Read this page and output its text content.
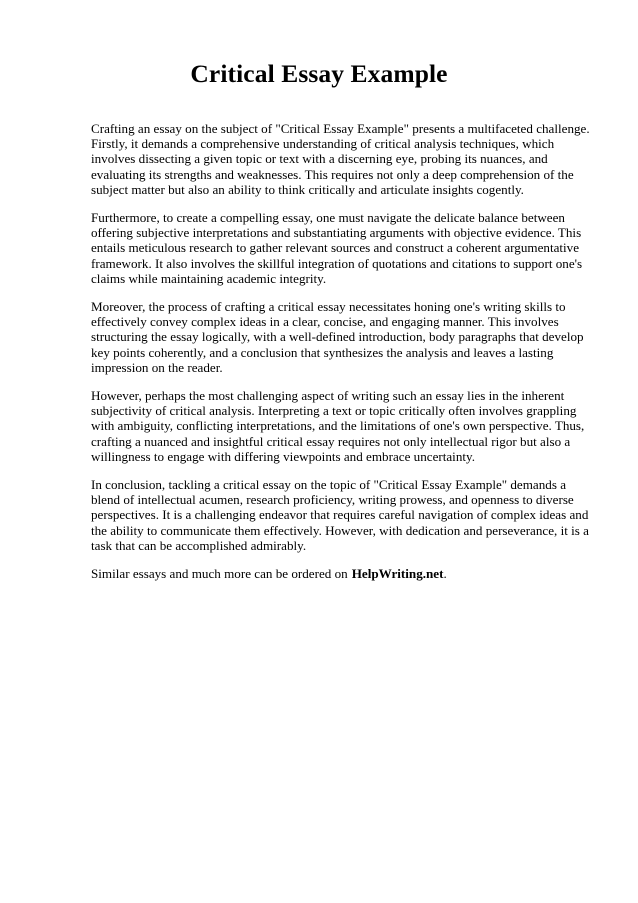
Critical Essay Example

Crafting an essay on the subject of "Critical Essay Example" presents a multifaceted challenge. Firstly, it demands a comprehensive understanding of critical analysis techniques, which involves dissecting a given topic or text with a discerning eye, probing its nuances, and evaluating its strengths and weaknesses. This requires not only a deep comprehension of the subject matter but also an ability to think critically and articulate insights cogently.

Furthermore, to create a compelling essay, one must navigate the delicate balance between offering subjective interpretations and substantiating arguments with objective evidence. This entails meticulous research to gather relevant sources and construct a coherent argumentative framework. It also involves the skillful integration of quotations and citations to support one's claims while maintaining academic integrity.

Moreover, the process of crafting a critical essay necessitates honing one's writing skills to effectively convey complex ideas in a clear, concise, and engaging manner. This involves structuring the essay logically, with a well-defined introduction, body paragraphs that develop key points coherently, and a conclusion that synthesizes the analysis and leaves a lasting impression on the reader.

However, perhaps the most challenging aspect of writing such an essay lies in the inherent subjectivity of critical analysis. Interpreting a text or topic critically often involves grappling with ambiguity, conflicting interpretations, and the limitations of one's own perspective. Thus, crafting a nuanced and insightful critical essay requires not only intellectual rigor but also a willingness to engage with differing viewpoints and embrace uncertainty.

In conclusion, tackling a critical essay on the topic of "Critical Essay Example" demands a blend of intellectual acumen, research proficiency, writing prowess, and openness to diverse perspectives. It is a challenging endeavor that requires careful navigation of complex ideas and the ability to communicate them effectively. However, with dedication and perseverance, it is a task that can be accomplished admirably.

Similar essays and much more can be ordered on HelpWriting.net.
